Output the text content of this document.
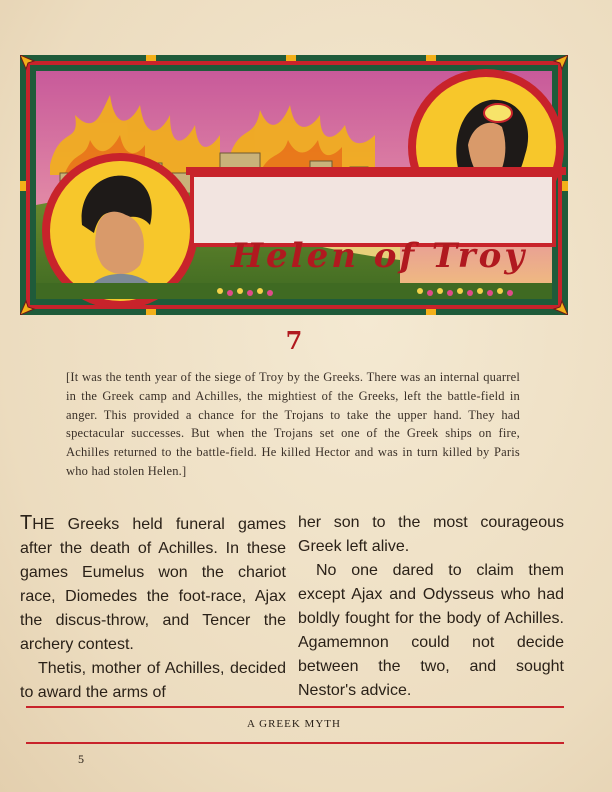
Helen of Troy
7
[It was the tenth year of the siege of Troy by the Greeks. There was an internal quarrel in the Greek camp and Achilles, the mightiest of the Greeks, left the battle-field in anger. This provided a chance for the Trojans to take the upper hand. They had spectacular successes. But when the Trojans set one of the Greek ships on fire, Achilles returned to the battle-field. He killed Hector and was in turn killed by Paris who had stolen Helen.]

THE Greeks held funeral games after the death of Achilles. In these games Eumelus won the chariot race, Diomedes the foot-race, Ajax the discus-throw, and Tencer the archery contest.

Thetis, mother of Achilles, decided to award the arms of

her son to the most courageous Greek left alive.

No one dared to claim them except Ajax and Odysseus who had boldly fought for the body of Achilles. Agamemnon could not decide between the two, and sought Nestor's advice.

A GREEK MYTH
5
